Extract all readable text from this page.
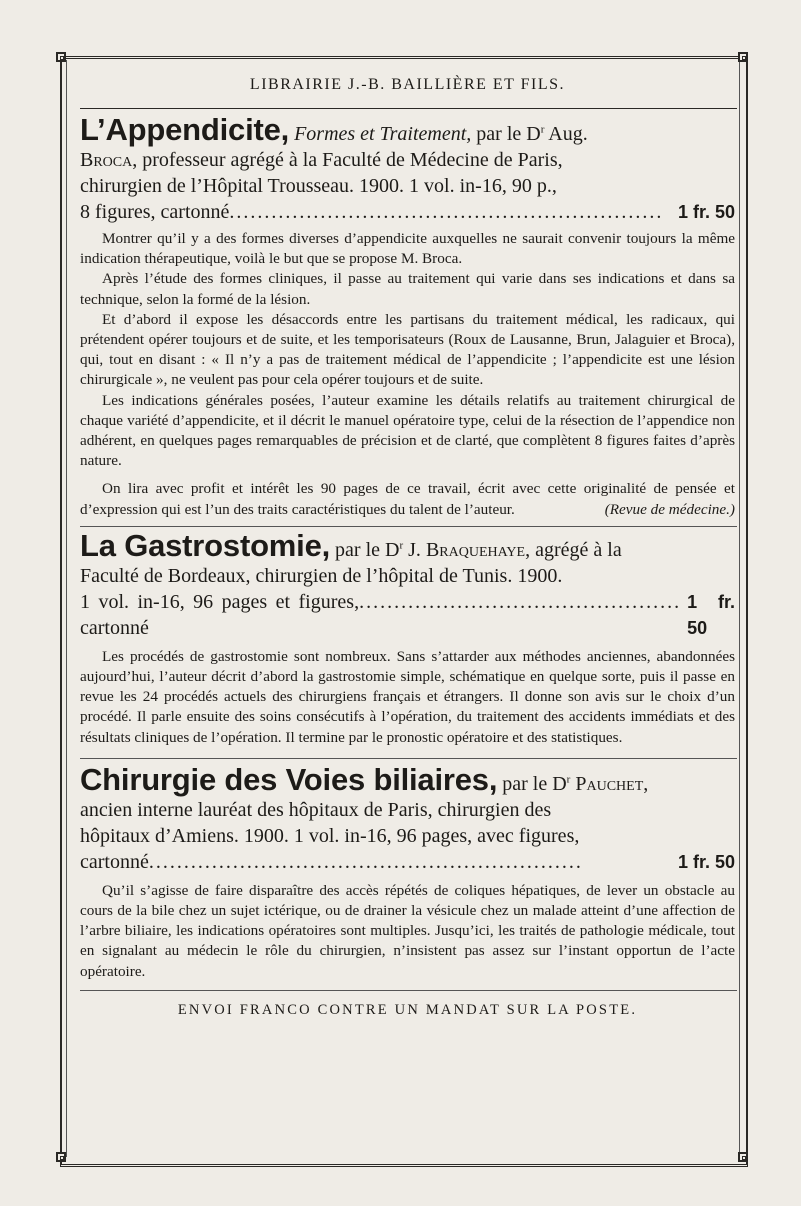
LIBRAIRIE J.-B. BAILLIÈRE ET FILS.

L’Appendicite, Formes et Traitement, par le $D^r$ Aug.
Broca, professeur agrégé à la Faculté de Médecine de Paris,
chirurgien de l’Hôpital Trousseau. 1900. 1 vol. in-16, 90 p.,

8 figures, cartonné .............................................................. 1 fr. 50

Montrer qu’il y a des formes diverses d’appendicite auxquelles ne saurait convenir toujours la même indication thérapeutique, voilà le but que se propose M. Broca.

Après l’étude des formes cliniques, il passe au traitement qui varie dans ses indications et dans sa technique, selon la formé de la lésion.

Et d’abord il expose les désaccords entre les partisans du traitement médical, les radicaux, qui prétendent opérer toujours et de suite, et les temporisateurs (Roux de Lausanne, Brun, Jalaguier et Broca), qui, tout en disant : « Il n’y a pas de traitement médical de l’appendicite ; l’appendicite est une lésion chirurgicale », ne veulent pas pour cela opérer toujours et de suite.

Les indications générales posées, l’auteur examine les détails relatifs au traitement chirurgical de chaque variété d’appendicite, et il décrit le manuel opératoire type, celui de la résection de l’appendice non adhérent, en quelques pages remarquables de précision et de clarté, que complètent 8 figures faites d’après nature.

On lira avec profit et intérêt les 90 pages de ce travail, écrit avec cette originalité de pensée et d’expression qui est l’un des traits caractéristiques du talent de l’auteur.	(Revue de médecine.)

La Gastrostomie, par le $D^r$ J. Braquehaye, agrégé à la
Faculté de Bordeaux, chirurgien de l’hôpital de Tunis. 1900.

1 vol. in-16, 96 pages et figures, cartonné
.............................................. 1 fr. 50

Les procédés de gastrostomie sont nombreux. Sans s’attarder aux méthodes anciennes, abandonnées aujourd’hui, l’auteur décrit d’abord la gastrostomie simple, schématique en quelque sorte, puis il passe en revue les 24 procédés actuels des chirurgiens français et étrangers. Il donne son avis sur le choix d’un procédé. Il parle ensuite des soins consécutifs à l’opération, du traitement des accidents immédiats et des résultats cliniques de l’opération. Il termine par le pronostic opératoire et des statistiques.

Chirurgie des Voies biliaires, par le $D^r$ Pauchet,
ancien interne lauréat des hôpitaux de Paris, chirurgien des
hôpitaux d’Amiens. 1900. 1 vol. in-16, 96 pages, avec figures,

cartonné ..............................................................	1 fr. 50

Qu’il s’agisse de faire disparaître des accès répétés de coliques hépatiques, de lever un obstacle au cours de la bile chez un sujet ictérique, ou de drainer la vésicule chez un malade atteint d’une affection de l’arbre biliaire, les indications opératoires sont multiples. Jusqu’ici, les traités de pathologie médicale, tout en signalant au médecin le rôle du chirurgien, n’insistent pas assez sur l’instant opportun de l’acte opératoire.

ENVOI FRANCO CONTRE UN MANDAT SUR LA POSTE.
